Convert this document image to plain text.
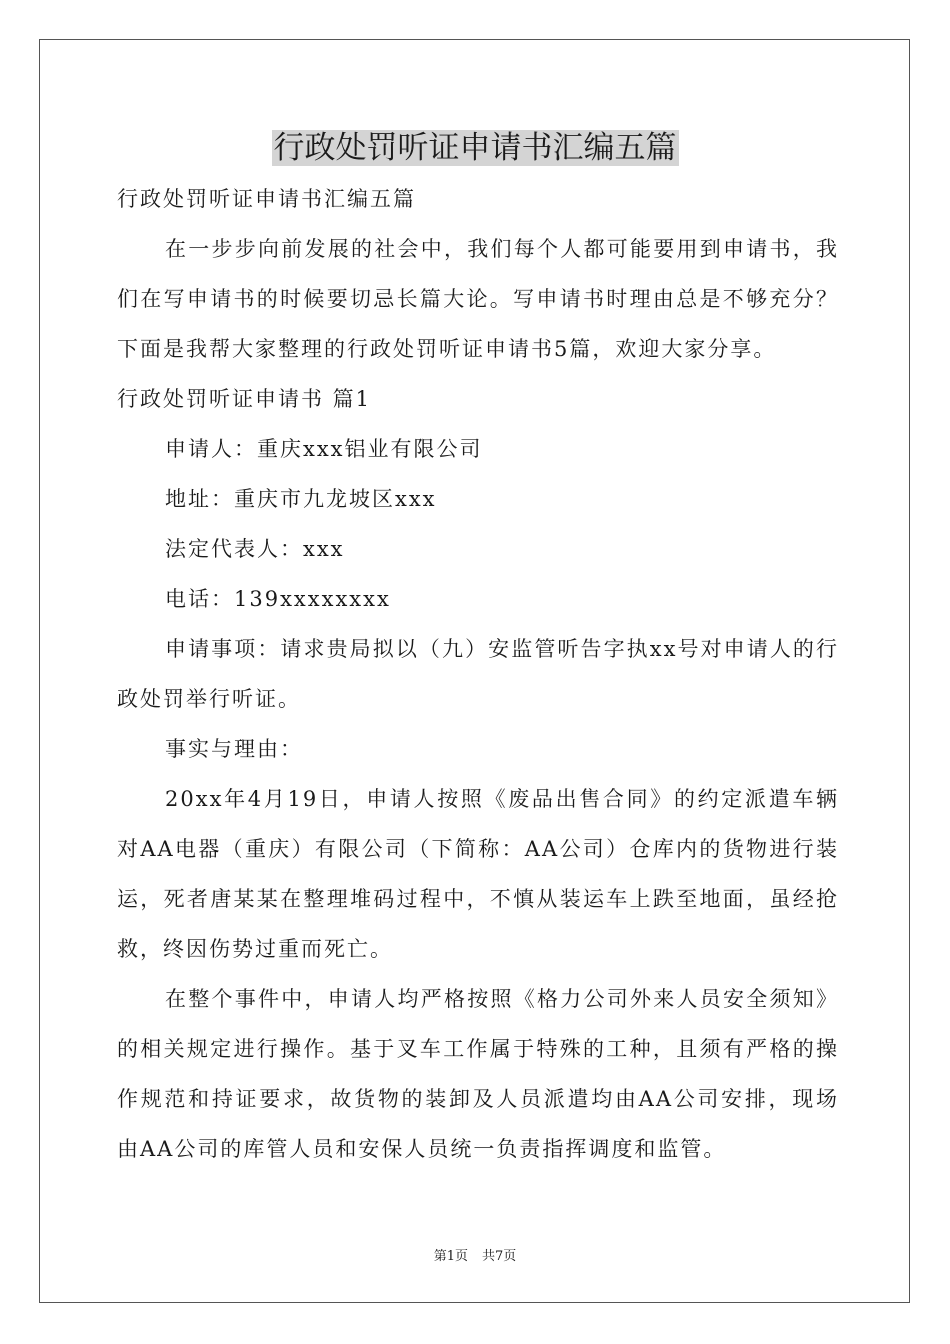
行政处罚听证申请书汇编五篇

行政处罚听证申请书汇编五篇

在一步步向前发展的社会中，我们每个人都可能要用到申请书，我们在写申请书的时候要切忌长篇大论。写申请书时理由总是不够充分？下面是我帮大家整理的行政处罚听证申请书5篇，欢迎大家分享。

行政处罚听证申请书 篇1

申请人：重庆xxx铝业有限公司

地址：重庆市九龙坡区xxx

法定代表人：xxx

电话：139xxxxxxxx

申请事项：请求贵局拟以（九）安监管听告字执xx号对申请人的行政处罚举行听证。

事实与理由：

20xx年4月19日，申请人按照《废品出售合同》的约定派遣车辆对AA电器（重庆）有限公司（下简称：AA公司）仓库内的货物进行装运，死者唐某某在整理堆码过程中，不慎从装运车上跌至地面，虽经抢救，终因伤势过重而死亡。

在整个事件中，申请人均严格按照《格力公司外来人员安全须知》的相关规定进行操作。基于叉车工作属于特殊的工种，且须有严格的操作规范和持证要求，故货物的装卸及人员派遣均由AA公司安排，现场由AA公司的库管人员和安保人员统一负责指挥调度和监管。

第1页 共7页
